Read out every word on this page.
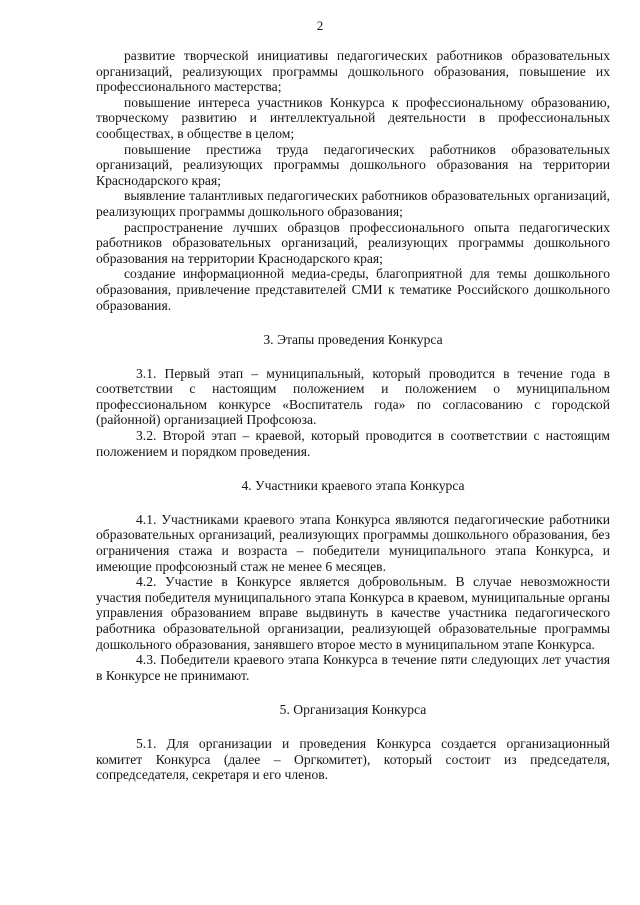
2

развитие творческой инициативы педагогических работников образовательных организаций, реализующих программы дошкольного образования, повышение их профессионального мастерства;

повышение интереса участников Конкурса к профессиональному образованию, творческому развитию и интеллектуальной деятельности в профессиональных сообществах, в обществе в целом;

повышение престижа труда педагогических работников образовательных организаций, реализующих программы дошкольного образования на территории Краснодарского края;

выявление талантливых педагогических работников образовательных организаций, реализующих программы дошкольного образования;

распространение лучших образцов профессионального опыта педагогических работников образовательных организаций, реализующих программы дошкольного образования на территории Краснодарского края;

создание информационной медиа-среды, благоприятной для темы дошкольного образования, привлечение представителей СМИ к тематике Российского дошкольного образования.

3. Этапы проведения Конкурса

3.1. Первый этап – муниципальный, который проводится в течение года в соответствии с настоящим положением и положением о муниципальном профессиональном конкурсе «Воспитатель года» по согласованию с городской (районной) организацией Профсоюза.

3.2. Второй этап – краевой, который проводится в соответствии с настоящим положением и порядком проведения.

4. Участники краевого этапа Конкурса

4.1. Участниками краевого этапа Конкурса являются педагогические работники образовательных организаций, реализующих программы дошкольного образования, без ограничения стажа и возраста – победители муниципального этапа Конкурса, и имеющие профсоюзный стаж не менее 6 месяцев.

4.2. Участие в Конкурсе является добровольным. В случае невозможности участия победителя муниципального этапа Конкурса в краевом, муниципальные органы управления образованием вправе выдвинуть в качестве участника педагогического работника образовательной организации, реализующей образовательные программы дошкольного образования, занявшего второе место в муниципальном этапе Конкурса.

4.3. Победители краевого этапа Конкурса в течение пяти следующих лет участия в Конкурсе не принимают.

5. Организация Конкурса

5.1. Для организации и проведения Конкурса создается организационный комитет Конкурса (далее – Оргкомитет), который состоит из председателя, сопредседателя, секретаря и его членов.
